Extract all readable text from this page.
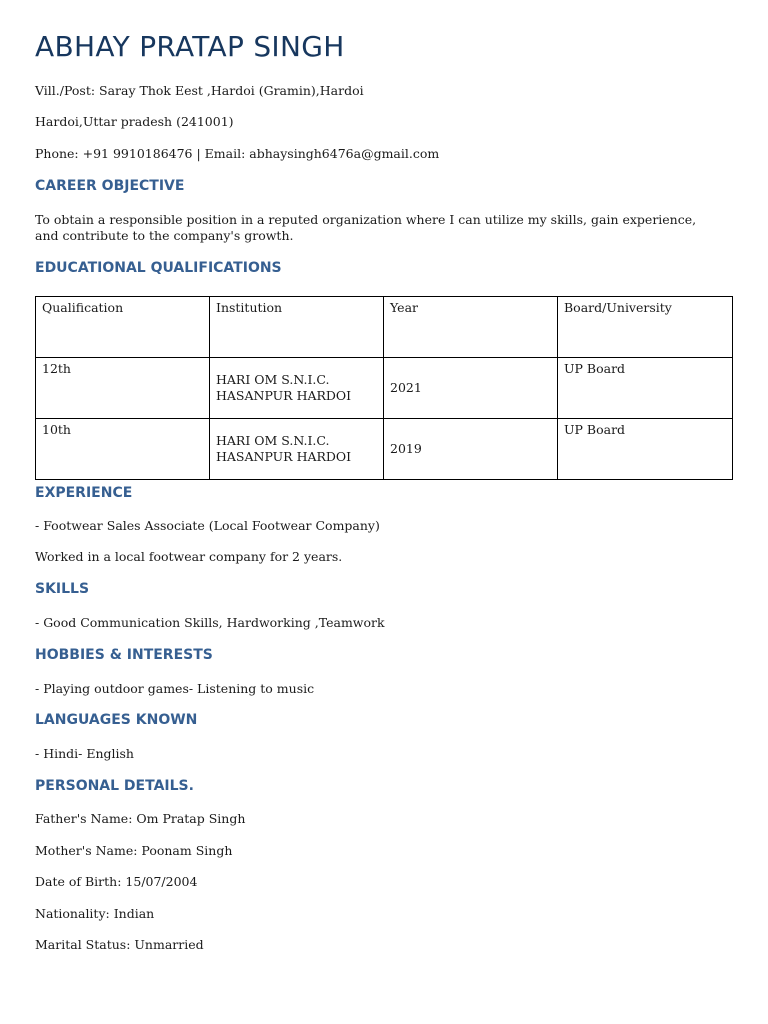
ABHAY PRATAP SINGH
Vill./Post: Saray Thok Eest ,Hardoi (Gramin),Hardoi
Hardoi,Uttar pradesh (241001)
Phone: +91 9910186476 | Email: abhaysingh6476a@gmail.com
CAREER OBJECTIVE
To obtain a responsible position in a reputed organization where I can utilize my skills, gain experience, and contribute to the company's growth.
EDUCATIONAL QUALIFICATIONS
Qualification	Institution	Year	Board/University
12th	HARI OM S.N.I.C.
HASANPUR HARDOI	2021	UP Board
10th	HARI OM S.N.I.C.
HASANPUR HARDOI	2019	UP Board
EXPERIENCE
- Footwear Sales Associate (Local Footwear Company)
Worked in a local footwear company for 2 years.
SKILLS
- Good Communication Skills, Hardworking ,Teamwork
HOBBIES & INTERESTS
- Playing outdoor games- Listening to music
LANGUAGES KNOWN
- Hindi- English
PERSONAL DETAILS.
Father's Name: Om Pratap Singh
Mother's Name: Poonam Singh
Date of Birth: 15/07/2004
Nationality: Indian
Marital Status: Unmarried
